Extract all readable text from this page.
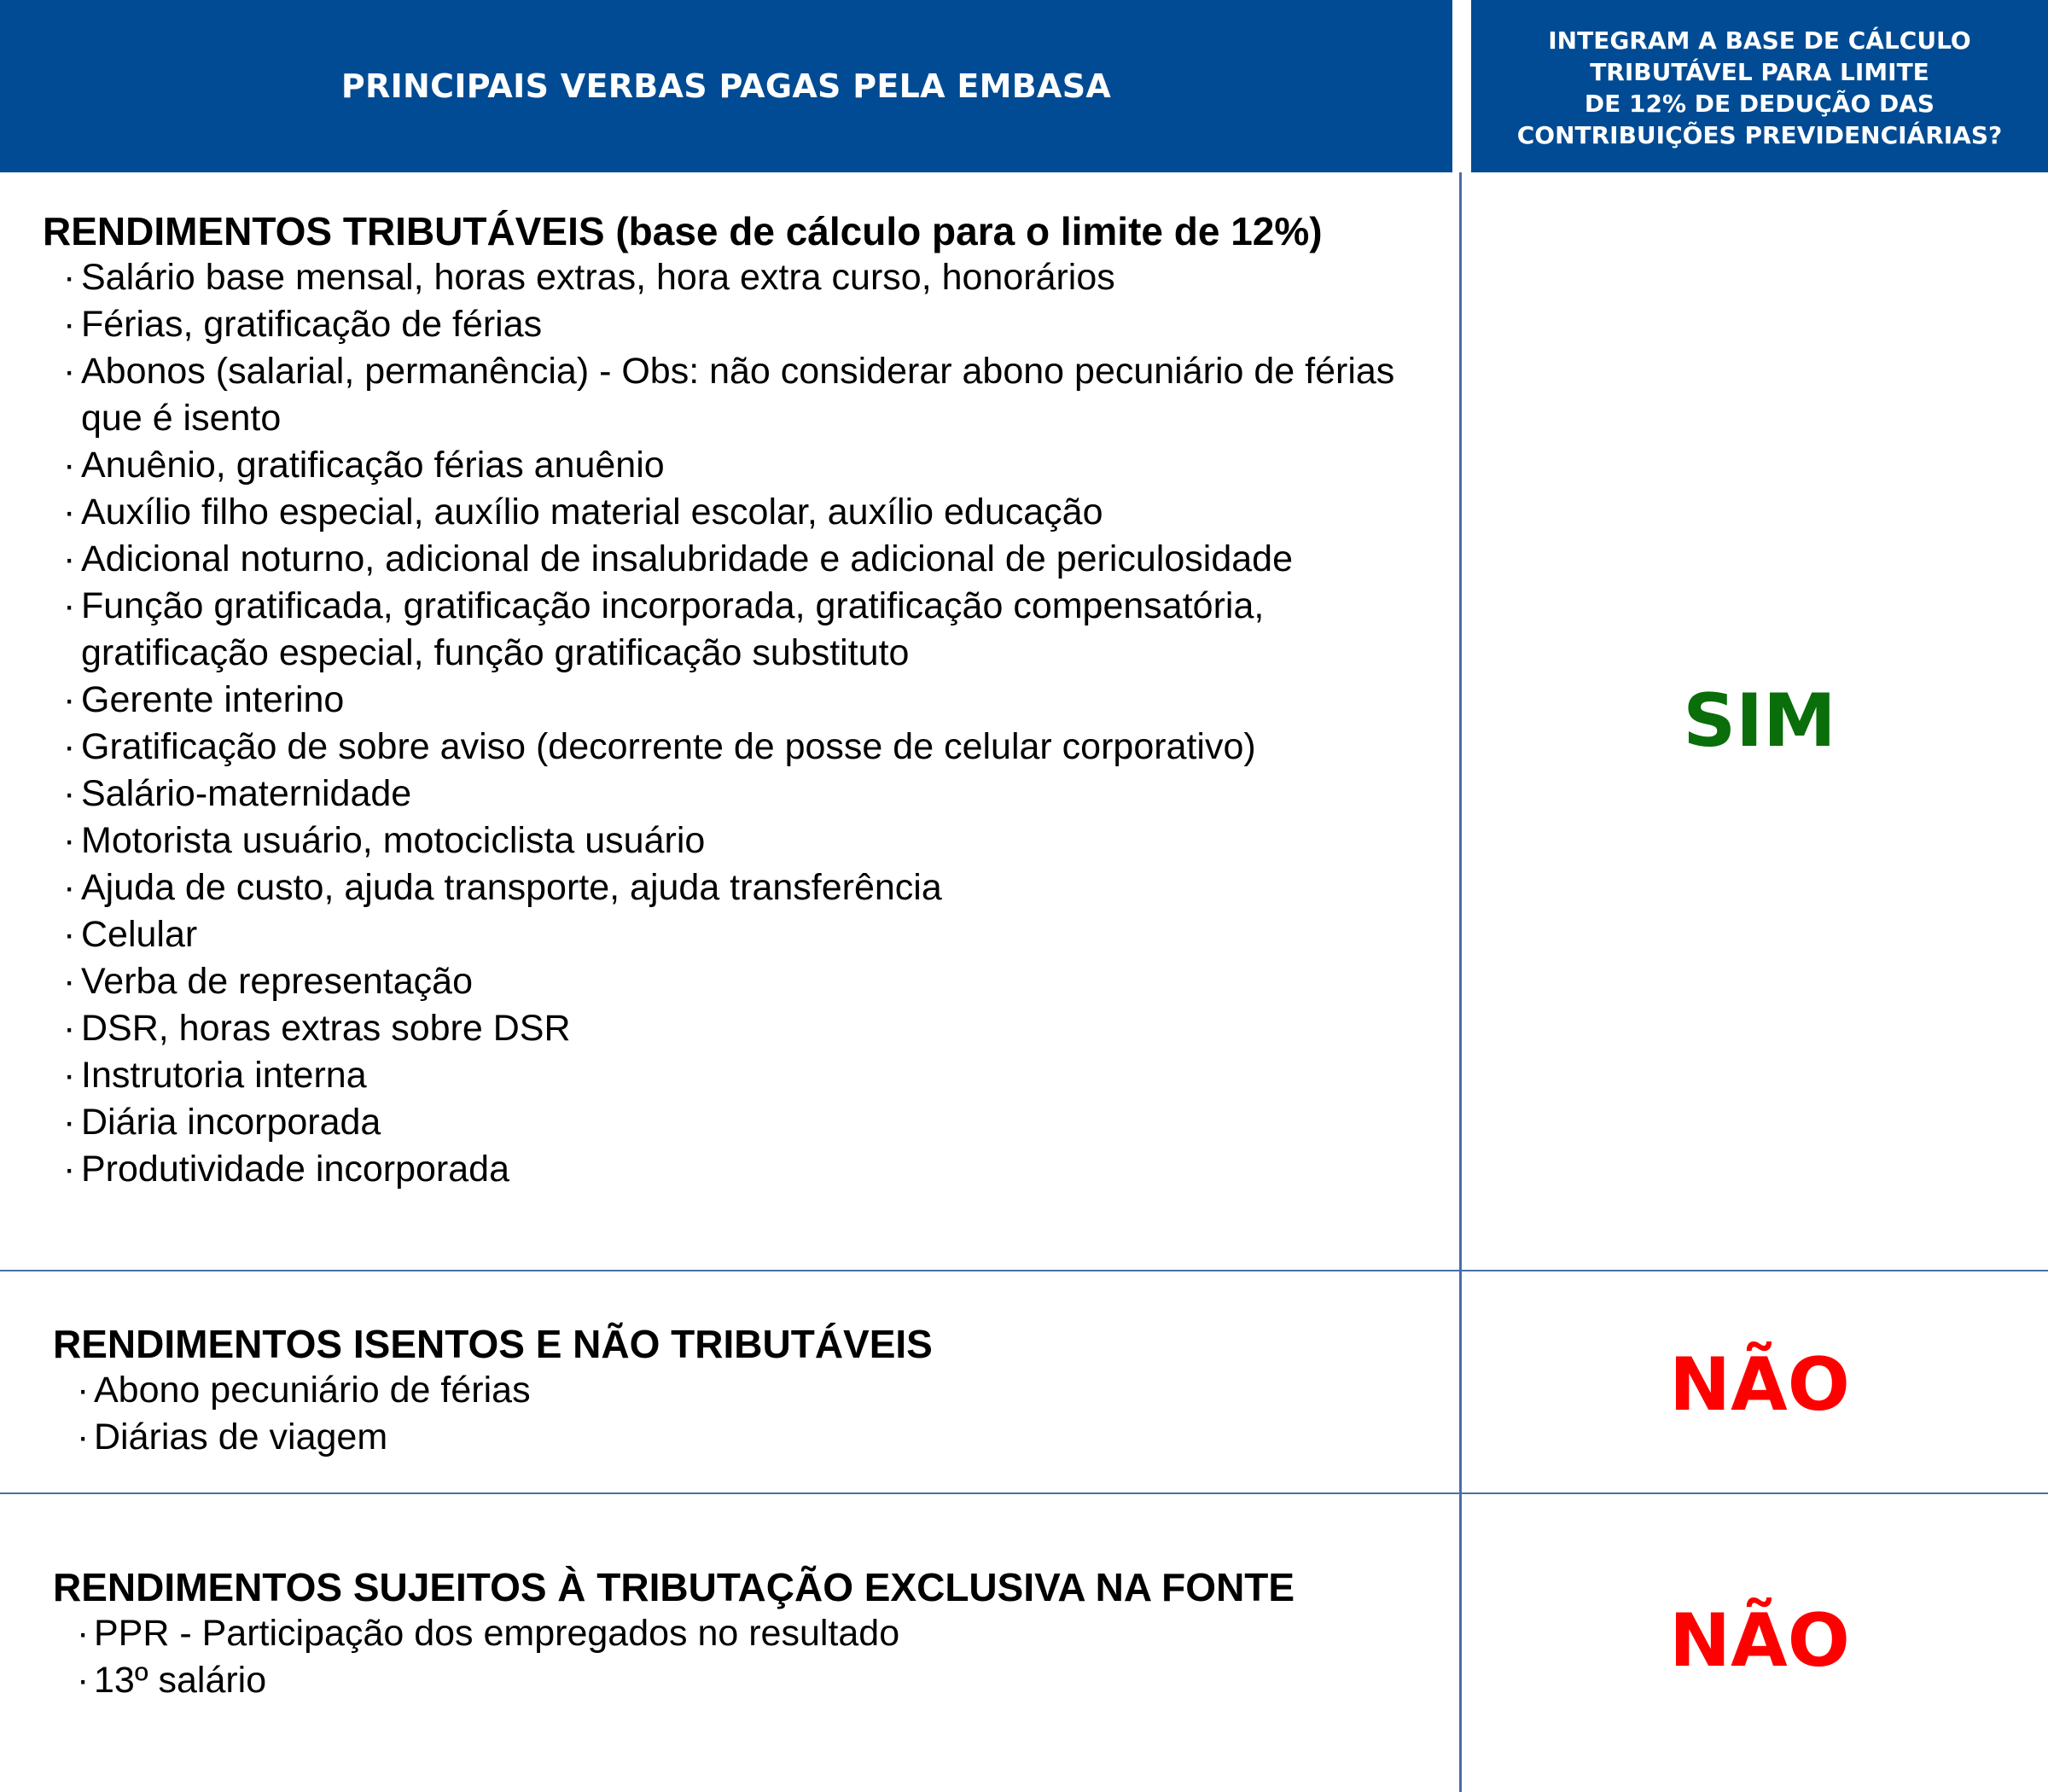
PRINCIPAIS VERBAS PAGAS PELA EMBASA
INTEGRAM A BASE DE CÁLCULO
TRIBUTÁVEL PARA LIMITE
DE 12% DE DEDUÇÃO DAS
CONTRIBUIÇÕES PREVIDENCIÁRIAS?
RENDIMENTOS TRIBUTÁVEIS (base de cálculo para o limite de 12%)
· Salário base mensal, horas extras, hora extra curso, honorários
· Férias, gratificação de férias
· Abonos (salarial, permanência) - Obs: não considerar abono pecuniário de férias que é isento
· Anuênio, gratificação férias anuênio
· Auxílio filho especial, auxílio material escolar, auxílio educação
· Adicional noturno, adicional de insalubridade e adicional de periculosidade
· Função gratificada, gratificação incorporada, gratificação compensatória, gratificação especial, função gratificação substituto
· Gerente interino
· Gratificação de sobre aviso (decorrente de posse de celular corporativo)
· Salário-maternidade
· Motorista usuário, motociclista usuário
· Ajuda de custo, ajuda transporte, ajuda transferência
· Celular
· Verba de representação
· DSR, horas extras sobre DSR
· Instrutoria interna
· Diária incorporada
· Produtividade incorporada
SIM
RENDIMENTOS ISENTOS E NÃO TRIBUTÁVEIS
· Abono pecuniário de férias
· Diárias de viagem
NÃO
RENDIMENTOS SUJEITOS À TRIBUTAÇÃO EXCLUSIVA NA FONTE
· PPR - Participação dos empregados no resultado
· 13º salário	NÃO
